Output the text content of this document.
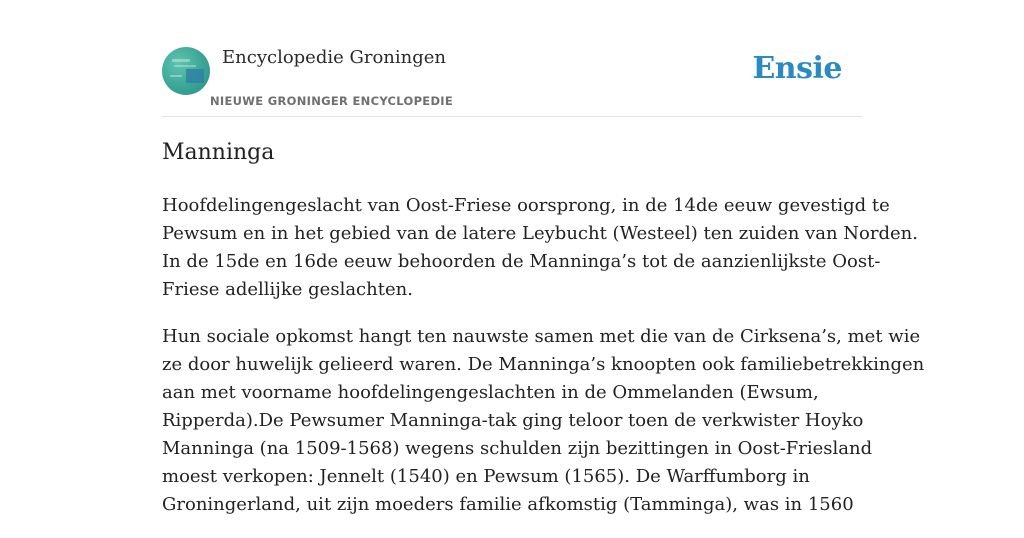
Encyclopedie Groningen
NIEUWE GRONINGER ENCYCLOPEDIE
Ensie
Manninga

Hoofdelingengeslacht van Oost-Friese oorsprong, in de 14de eeuw gevestigd te
Pewsum en in het gebied van de latere Leybucht (Westeel) ten zuiden van Norden.
In de 15de en 16de eeuw behoorden de Manninga’s tot de aanzienlijkste Oost-
Friese adellijke geslachten.

Hun sociale opkomst hangt ten nauwste samen met die van de Cirksena’s, met wie
ze door huwelijk gelieerd waren. De Manninga’s knoopten ook familiebetrekkingen
aan met voorname hoofdelingengeslachten in de Ommelanden (Ewsum,
Ripperda).De Pewsumer Manninga-tak ging teloor toen de verkwister Hoyko
Manninga (na 1509-1568) wegens schulden zijn bezittingen in Oost-Friesland
moest verkopen: Jennelt (1540) en Pewsum (1565). De Warffumborg in
Groningerland, uit zijn moeders familie afkomstig (Tamminga), was in 1560
